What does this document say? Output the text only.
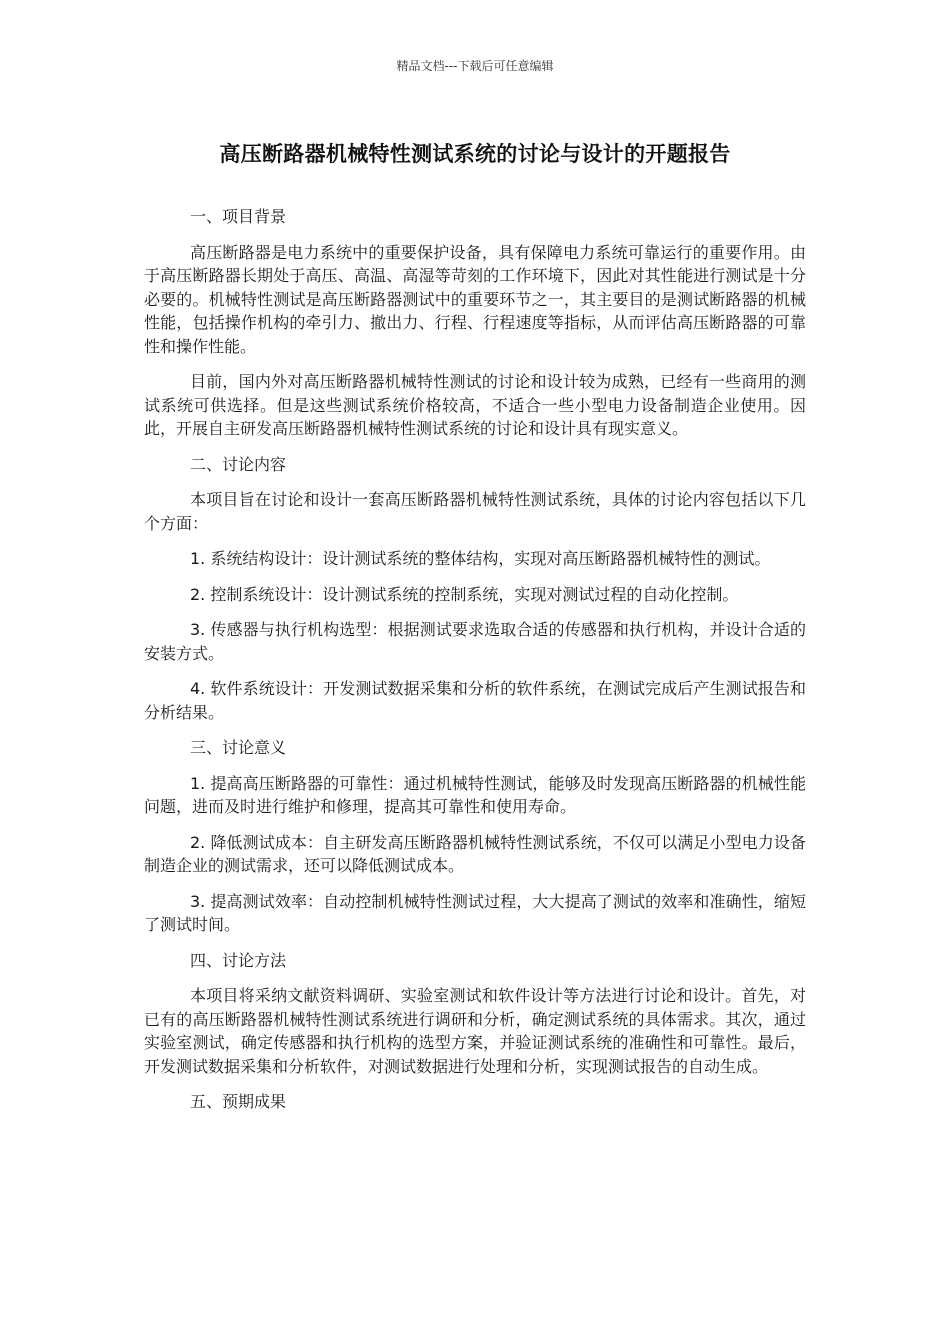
精品文档---下载后可任意编辑
高压断路器机械特性测试系统的讨论与设计的开题报告

一、项目背景

高压断路器是电力系统中的重要保护设备，具有保障电力系统可靠运行的重要作用。由于高压断路器长期处于高压、高温、高湿等苛刻的工作环境下，因此对其性能进行测试是十分必要的。机械特性测试是高压断路器测试中的重要环节之一，其主要目的是测试断路器的机械性能，包括操作机构的牵引力、撤出力、行程、行程速度等指标，从而评估高压断路器的可靠性和操作性能。

目前，国内外对高压断路器机械特性测试的讨论和设计较为成熟，已经有一些商用的测试系统可供选择。但是这些测试系统价格较高，不适合一些小型电力设备制造企业使用。因此，开展自主研发高压断路器机械特性测试系统的讨论和设计具有现实意义。

二、讨论内容

本项目旨在讨论和设计一套高压断路器机械特性测试系统，具体的讨论内容包括以下几个方面：

1. 系统结构设计：设计测试系统的整体结构，实现对高压断路器机械特性的测试。

2. 控制系统设计：设计测试系统的控制系统，实现对测试过程的自动化控制。

3. 传感器与执行机构选型：根据测试要求选取合适的传感器和执行机构，并设计合适的安装方式。

4. 软件系统设计：开发测试数据采集和分析的软件系统，在测试完成后产生测试报告和分析结果。

三、讨论意义

1. 提高高压断路器的可靠性：通过机械特性测试，能够及时发现高压断路器的机械性能问题，进而及时进行维护和修理，提高其可靠性和使用寿命。

2. 降低测试成本：自主研发高压断路器机械特性测试系统，不仅可以满足小型电力设备制造企业的测试需求，还可以降低测试成本。

3. 提高测试效率：自动控制机械特性测试过程，大大提高了测试的效率和准确性，缩短了测试时间。

四、讨论方法

本项目将采纳文献资料调研、实验室测试和软件设计等方法进行讨论和设计。首先，对已有的高压断路器机械特性测试系统进行调研和分析，确定测试系统的具体需求。其次，通过实验室测试，确定传感器和执行机构的选型方案，并验证测试系统的准确性和可靠性。最后，开发测试数据采集和分析软件，对测试数据进行处理和分析，实现测试报告的自动生成。

五、预期成果
